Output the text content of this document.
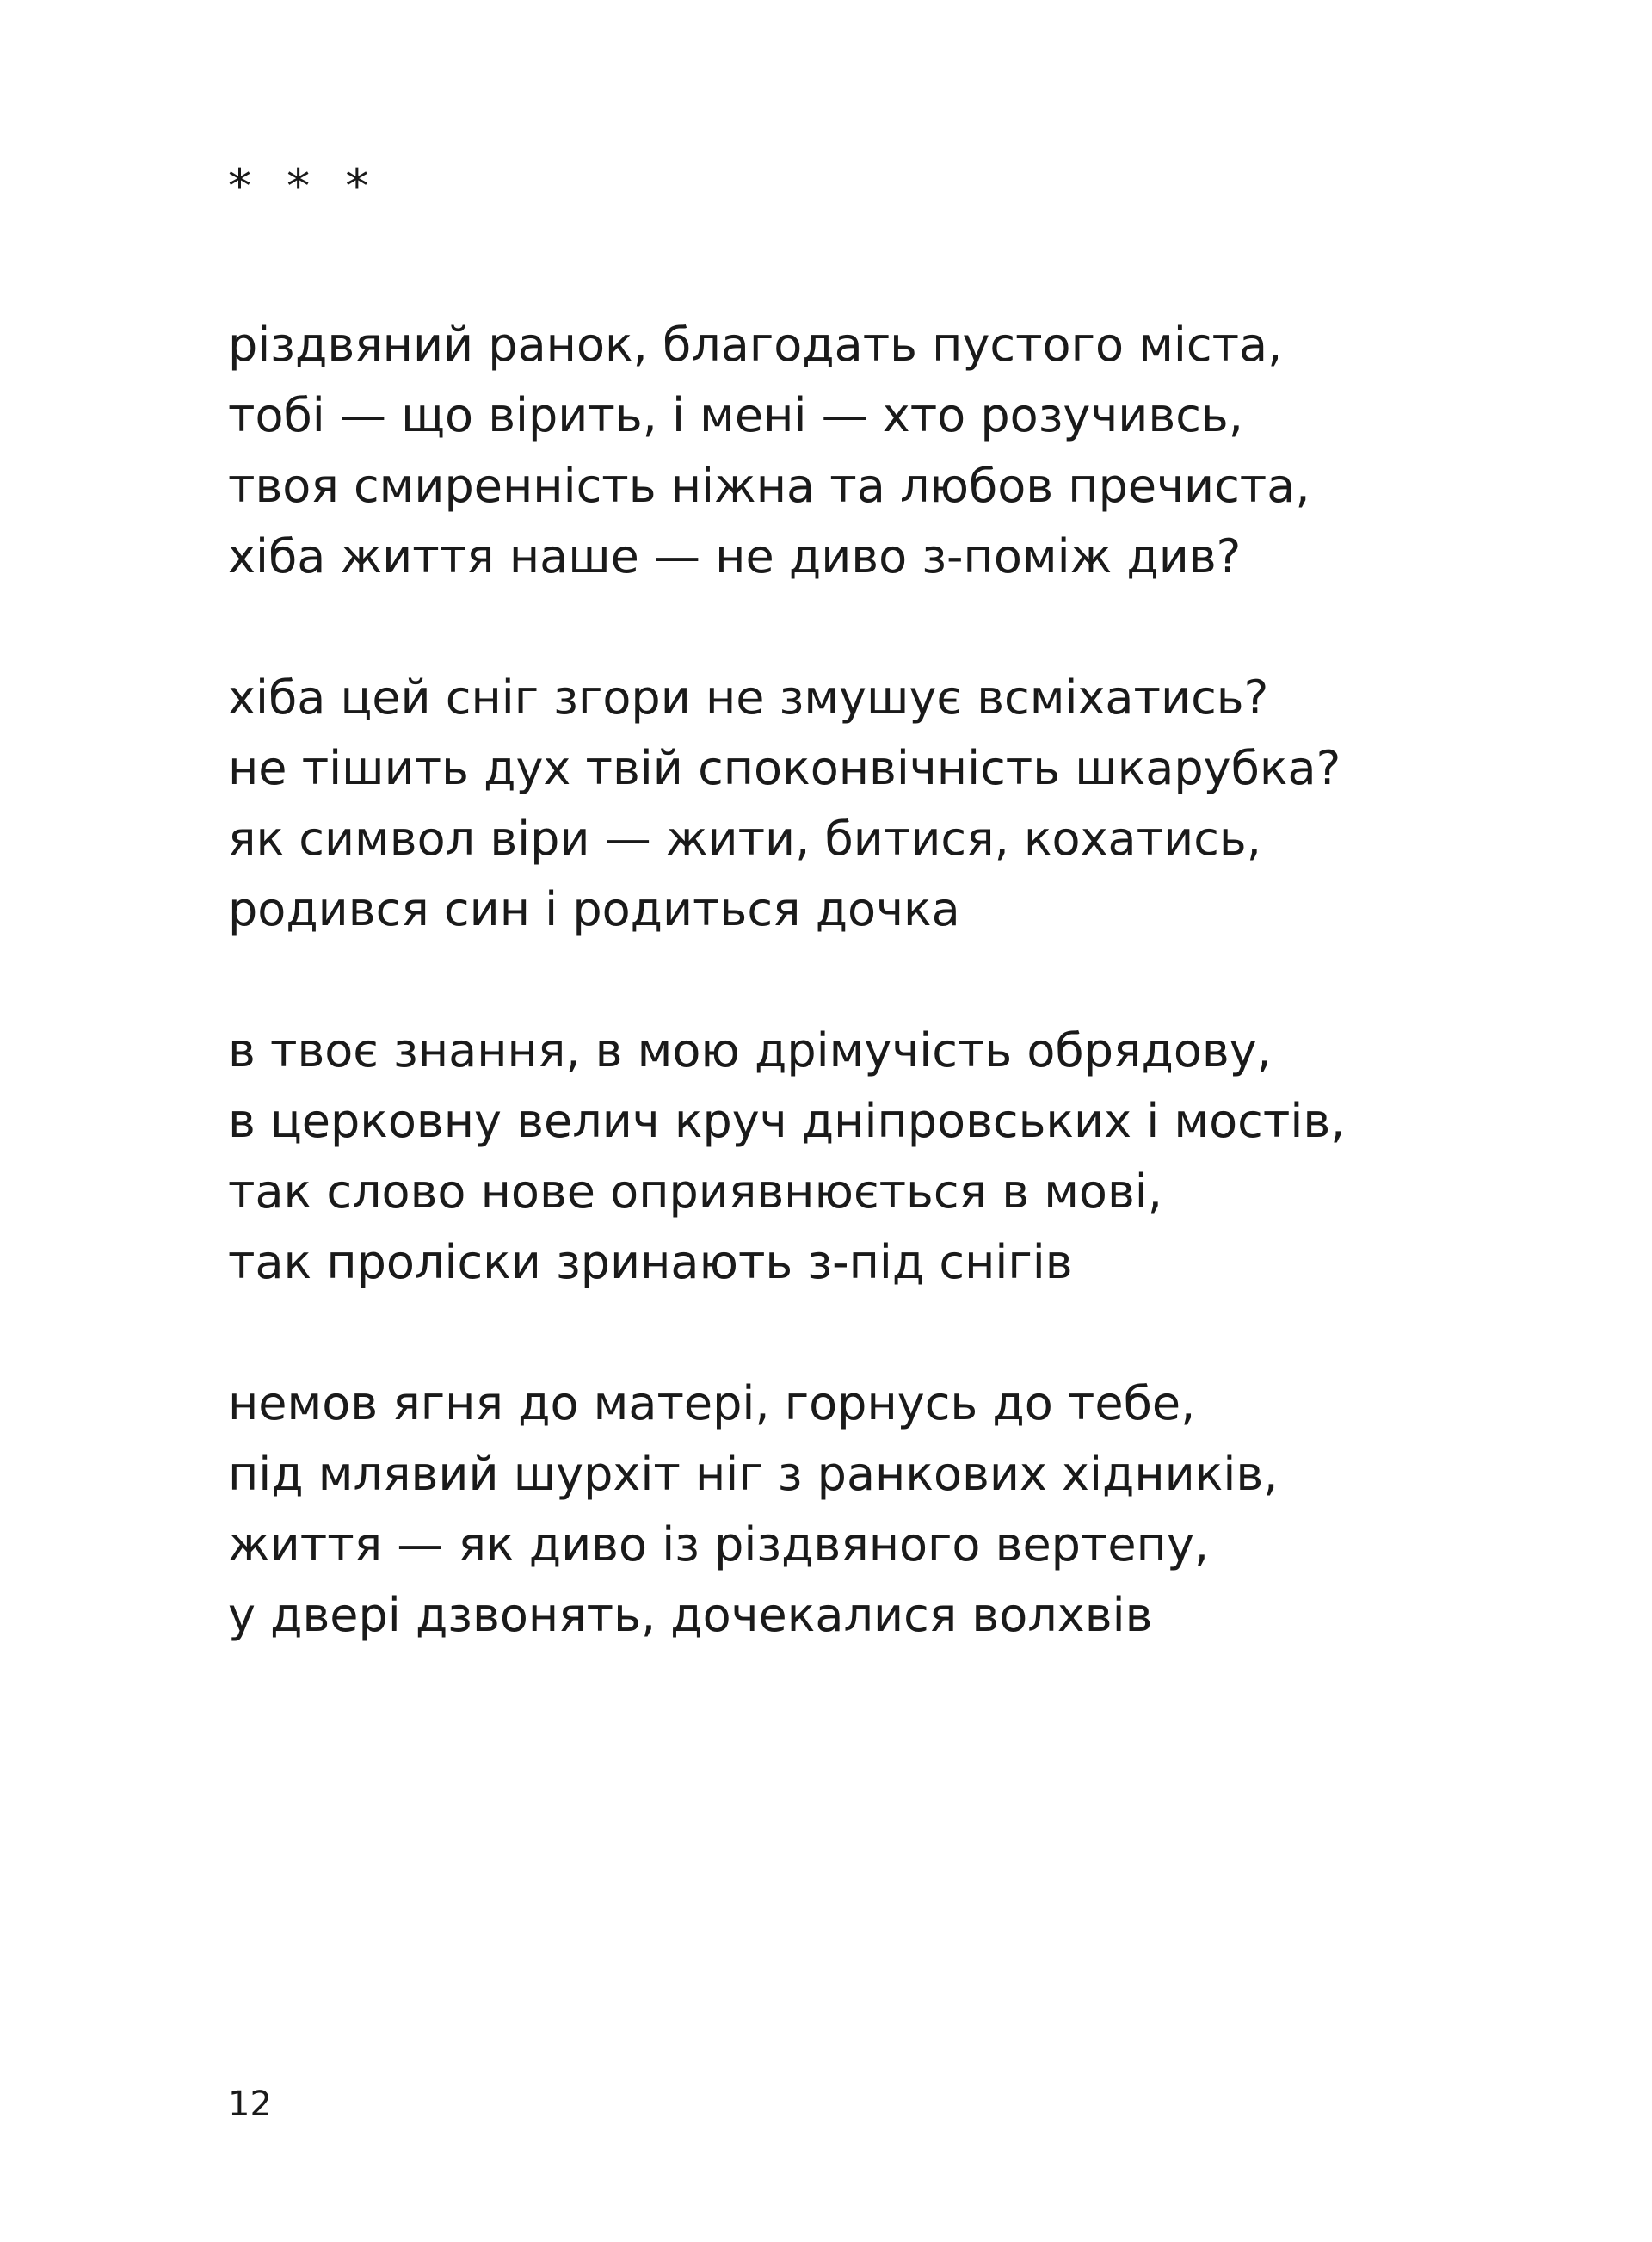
* * *
різдвяний ранок, благодать пустого міста,
тобі — що вірить, і мені — хто розучивсь,
твоя смиренність ніжна та любов пречиста,
хіба життя наше — не диво з-поміж див?
хіба цей сніг згори не змушує всміхатись?
не тішить дух твій споконвічність шкарубка?
як символ віри — жити, битися, кохатись,
родився син і родиться дочка
в твоє знання, в мою дрімучість обрядову,
в церковну велич круч дніпровських і мостів,
так слово нове оприявнюється в мові,
так проліски зринають з-під снігів
немов ягня до матері, горнусь до тебе,
під млявий шурхіт ніг з ранкових хідників,
життя — як диво із різдвяного вертепу,
у двері дзвонять, дочекалися волхвів
12
